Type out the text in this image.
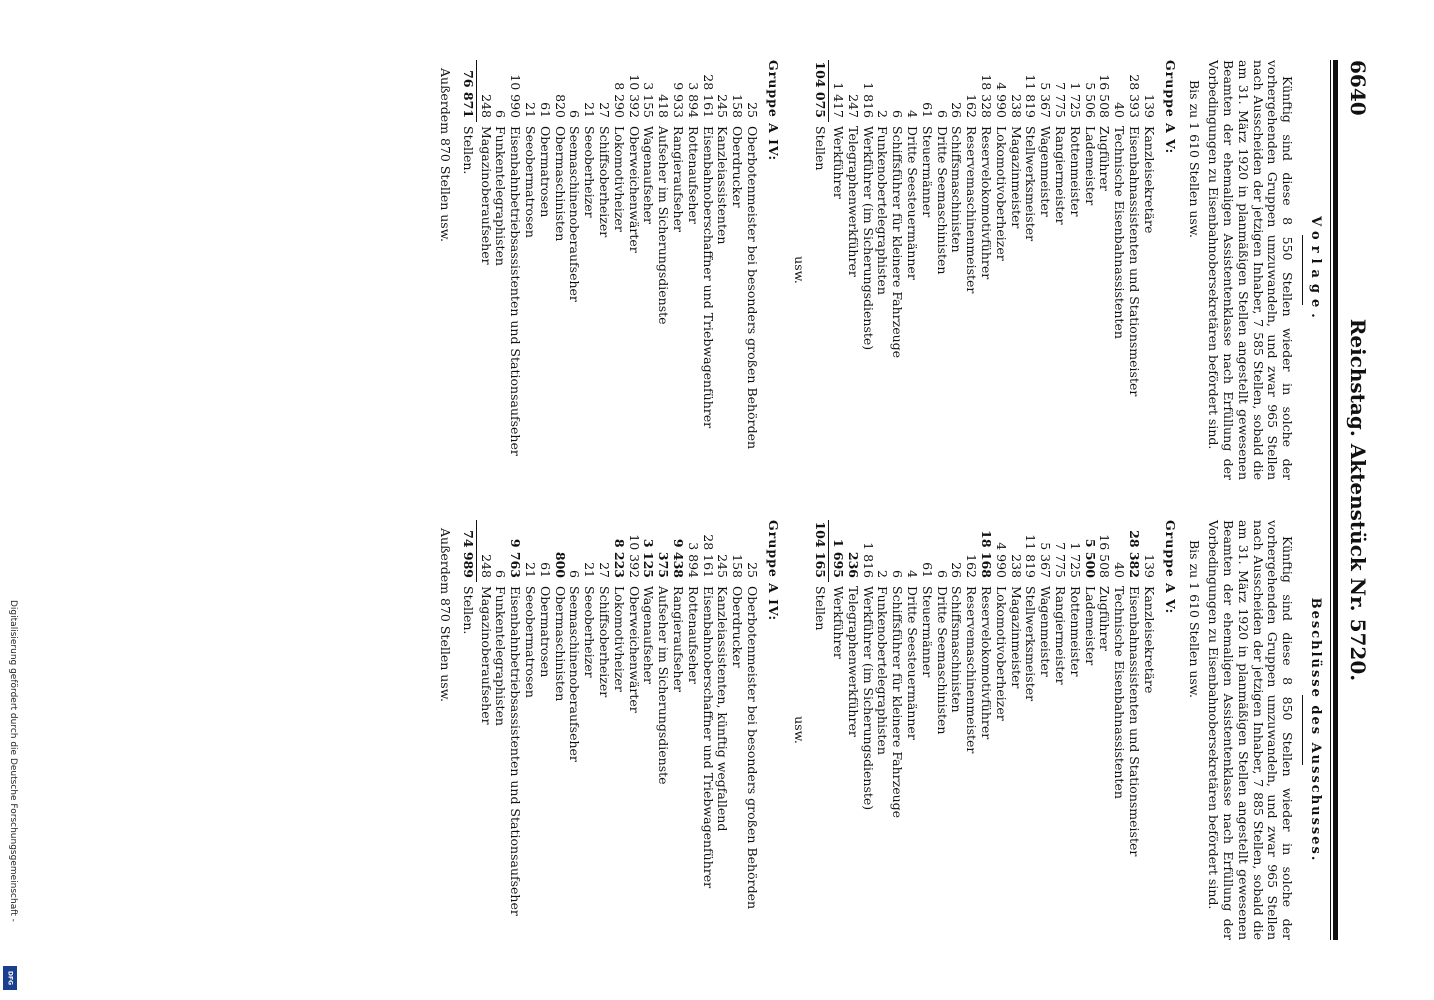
6640
Reichstag. Aktenstück Nr. 5720.
Vorlage.

Künftig sind diese 8 550 Stellen wieder in solche der vorhergehenden Gruppen umzuwandeln, und zwar 965 Stellen nach Ausscheiden der jetzigen Inhaber, 7 585 Stellen, sobald die am 31. März 1920 in planmäßigen Stellen angestellt gewesenen Beamten der ehemaligen Assistentenklasse nach Erfüllung der Vorbedingungen zu Eisenbahnobersekretären befördert sind.

Bis zu 1 610 Stellen usw.
Gruppe A V:
139
Kanzleisekretäre
28 393
Eisenbahnassistenten und Stationsmeister
40
Technische Eisenbahnassistenten
16 508
Zugführer
5 506
Lademeister
1 725
Rottenmeister
7 775
Rangiermeister
5 367
Wagenmeister
11 819
Stellwerksmeister
238
Magazinmeister
4 990
Lokomotivoberheizer
18 328
Reservelokomotivführer
162
Reservemaschinenmeister
26
Schiffsmaschinisten
6
Dritte Seemaschinisten
61
Steuermänner
4
Dritte Seesteuermänner
6
Schiffsführer für kleinere Fahrzeuge
2
Funkenobertelegraphisten
1 816
Werkführer (im Sicherungsdienste)
247
Telegraphenwerkführer
1 417
Werkführer
104 075
Stellen
usw.
Gruppe A IV:
25
Oberbotenmeister bei besonders großen Behörden
158
Oberdrucker
245
Kanzleiassistenten
28 161
Eisenbahnoberschaffner und Triebwagenführer
3 894
Rottenaufseher
9 933
Rangieraufseher
418
Aufseher im Sicherungsdienste
3 155
Wagenaufseher
10 392
Oberweichenwärter
8 290
Lokomotivheizer
27
Schiffsoberheizer
21
Seeoberheizer
6
Seemaschinenoberaufseher
820
Obermaschinisten
61
Obermatrosen
21
Seeobermatrosen
10 990
Eisenbahnbetriebsassistenten und Stationsaufseher
6
Funkentelegraphisten
248
Magazinoberaufseher
76 871
Stellen.
Außerdem 870 Stellen usw.
Beschlüsse des Ausschusses.

Künftig sind diese 8 850 Stellen wieder in solche der vorhergehenden Gruppen umzuwandeln, und zwar 965 Stellen nach Ausscheiden der jetzigen Inhaber, 7 885 Stellen, sobald die am 31. März 1920 in planmäßigen Stellen angestellt gewesenen Beamten der ehemaligen Assistentenklasse nach Erfüllung der Vorbedingungen zu Eisenbahnobersekretären befördert sind.

Bis zu 1 610 Stellen usw.
Gruppe A V:
139
Kanzleisekretäre
28 382
Eisenbahnassistenten und Stationsmeister
40
Technische Eisenbahnassistenten
16 508
Zugführer
5 500
Lademeister
1 725
Rottenmeister
7 775
Rangiermeister
5 367
Wagenmeister
11 819
Stellwerksmeister
238
Magazinmeister
4 990
Lokomotivoberheizer
18 168
Reservelokomotivführer
162
Reservemaschinenmeister
26
Schiffsmaschinisten
6
Dritte Seemaschinisten
61
Steuermänner
4
Dritte Seesteuermänner
6
Schiffsführer für kleinere Fahrzeuge
2
Funkenobertelegraphisten
1 816
Werkführer (im Sicherungsdienste)
236
Telegraphenwerkführer
1 695
Werkführer
104 165
Stellen
usw.
Gruppe A IV:
25
Oberbotenmeister bei besonders großen Behörden
158
Oberdrucker
245
Kanzleiassistenten, künftig wegfallend
28 161
Eisenbahnoberschaffner und Triebwagenführer
3 894
Rottenaufseher
9 438
Rangieraufseher
375
Aufseher im Sicherungsdienste
3 125
Wagenaufseher
10 392
Oberweichenwärter
8 223
Lokomotivheizer
27
Schiffsoberheizer
21
Seeoberheizer
6
Seemaschinenoberaufseher
800
Obermaschinisten
61
Obermatrosen
21
Seeobermatrosen
9 763
Eisenbahnbetriebsassistenten und Stationsaufseher
6
Funkentelegraphisten
248
Magazinoberaufseher
74 989
Stellen.
Außerdem 870 Stellen usw.
Digitalisierung gefördert durch die Deutsche Forschungsgemeinschaft -
DFG
